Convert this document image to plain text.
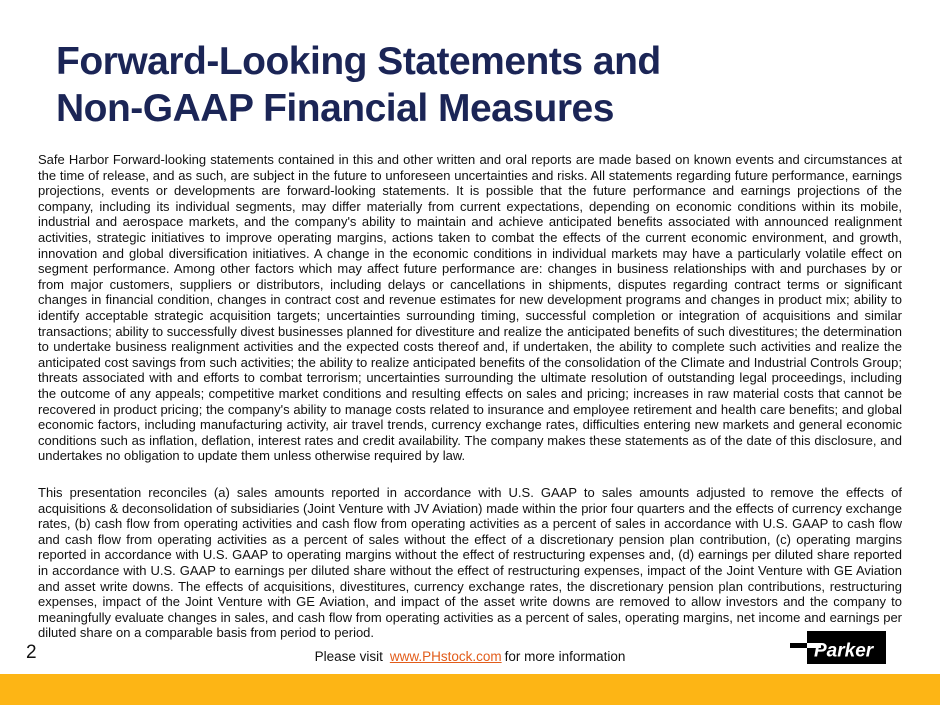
Forward-Looking Statements and
Non-GAAP Financial Measures

Safe Harbor Forward-looking statements contained in this and other written and oral reports are made based on known events and circumstances at the time of release, and as such, are subject in the future to unforeseen uncertainties and risks. All statements regarding future performance, earnings projections, events or developments are forward-looking statements. It is possible that the future performance and earnings projections of the company, including its individual segments, may differ materially from current expectations, depending on economic conditions within its mobile, industrial and aerospace markets, and the company's ability to maintain and achieve anticipated benefits associated with announced realignment activities, strategic initiatives to improve operating margins, actions taken to combat the effects of the current economic environment, and growth, innovation and global diversification initiatives. A change in the economic conditions in individual markets may have a particularly volatile effect on segment performance. Among other factors which may affect future performance are: changes in business relationships with and purchases by or from major customers, suppliers or distributors, including delays or cancellations in shipments, disputes regarding contract terms or significant changes in financial condition, changes in contract cost and revenue estimates for new development programs and changes in product mix; ability to identify acceptable strategic acquisition targets; uncertainties surrounding timing, successful completion or integration of acquisitions and similar transactions; ability to successfully divest businesses planned for divestiture and realize the anticipated benefits of such divestitures; the determination to undertake business realignment activities and the expected costs thereof and, if undertaken, the ability to complete such activities and realize the anticipated cost savings from such activities; the ability to realize anticipated benefits of the consolidation of the Climate and Industrial Controls Group; threats associated with and efforts to combat terrorism; uncertainties surrounding the ultimate resolution of outstanding legal proceedings, including the outcome of any appeals; competitive market conditions and resulting effects on sales and pricing; increases in raw material costs that cannot be recovered in product pricing; the company's ability to manage costs related to insurance and employee retirement and health care benefits; and global economic factors, including manufacturing activity, air travel trends, currency exchange rates, difficulties entering new markets and general economic conditions such as inflation, deflation, interest rates and credit availability. The company makes these statements as of the date of this disclosure, and undertakes no obligation to update them unless otherwise required by law.

This presentation reconciles (a) sales amounts reported in accordance with U.S. GAAP to sales amounts adjusted to remove the effects of acquisitions & deconsolidation of subsidiaries (Joint Venture with JV Aviation) made within the prior four quarters and the effects of currency exchange rates, (b) cash flow from operating activities and cash flow from operating activities as a percent of sales in accordance with U.S. GAAP to cash flow and cash flow from operating activities as a percent of sales without the effect of a discretionary pension plan contribution, (c) operating margins reported in accordance with U.S. GAAP to operating margins without the effect of restructuring expenses and, (d) earnings per diluted share reported in accordance with U.S. GAAP to earnings per diluted share without the effect of restructuring expenses, impact of the Joint Venture with GE Aviation and asset write downs. The effects of acquisitions, divestitures, currency exchange rates, the discretionary pension plan contributions, restructuring expenses, impact of the Joint Venture with GE Aviation, and impact of the asset write downs are removed to allow investors and the company to meaningfully evaluate changes in sales, and cash flow from operating activities as a percent of sales, operating margins, net income and earnings per diluted share on a comparable basis from period to period.

2	Please visit www.PHstock.com for more information	Parker
